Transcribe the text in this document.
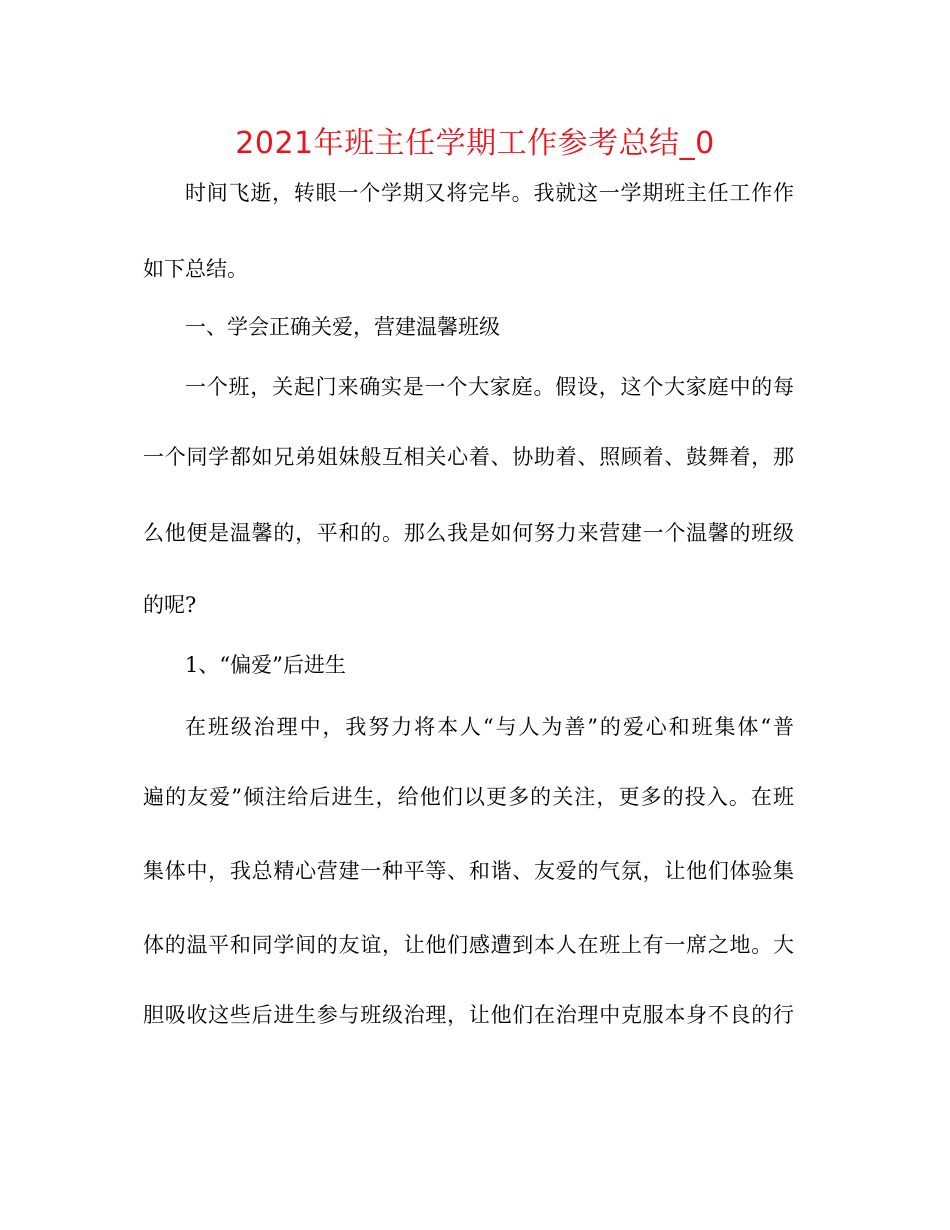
2021年班主任学期工作参考总结_0
时间飞逝，转眼一个学期又将完毕。我就这一学期班主任工作作
如下总结。
一、学会正确关爱，营建温馨班级
一个班，关起门来确实是一个大家庭。假设，这个大家庭中的每
一个同学都如兄弟姐妹般互相关心着、协助着、照顾着、鼓舞着，那
么他便是温馨的，平和的。那么我是如何努力来营建一个温馨的班级
的呢?
1、“偏爱”后进生
在班级治理中，我努力将本人“与人为善”的爱心和班集体“普
遍的友爱”倾注给后进生，给他们以更多的关注，更多的投入。在班
集体中，我总精心营建一种平等、和谐、友爱的气氛，让他们体验集
体的温平和同学间的友谊，让他们感遭到本人在班上有一席之地。大
胆吸收这些后进生参与班级治理，让他们在治理中克服本身不良的行
